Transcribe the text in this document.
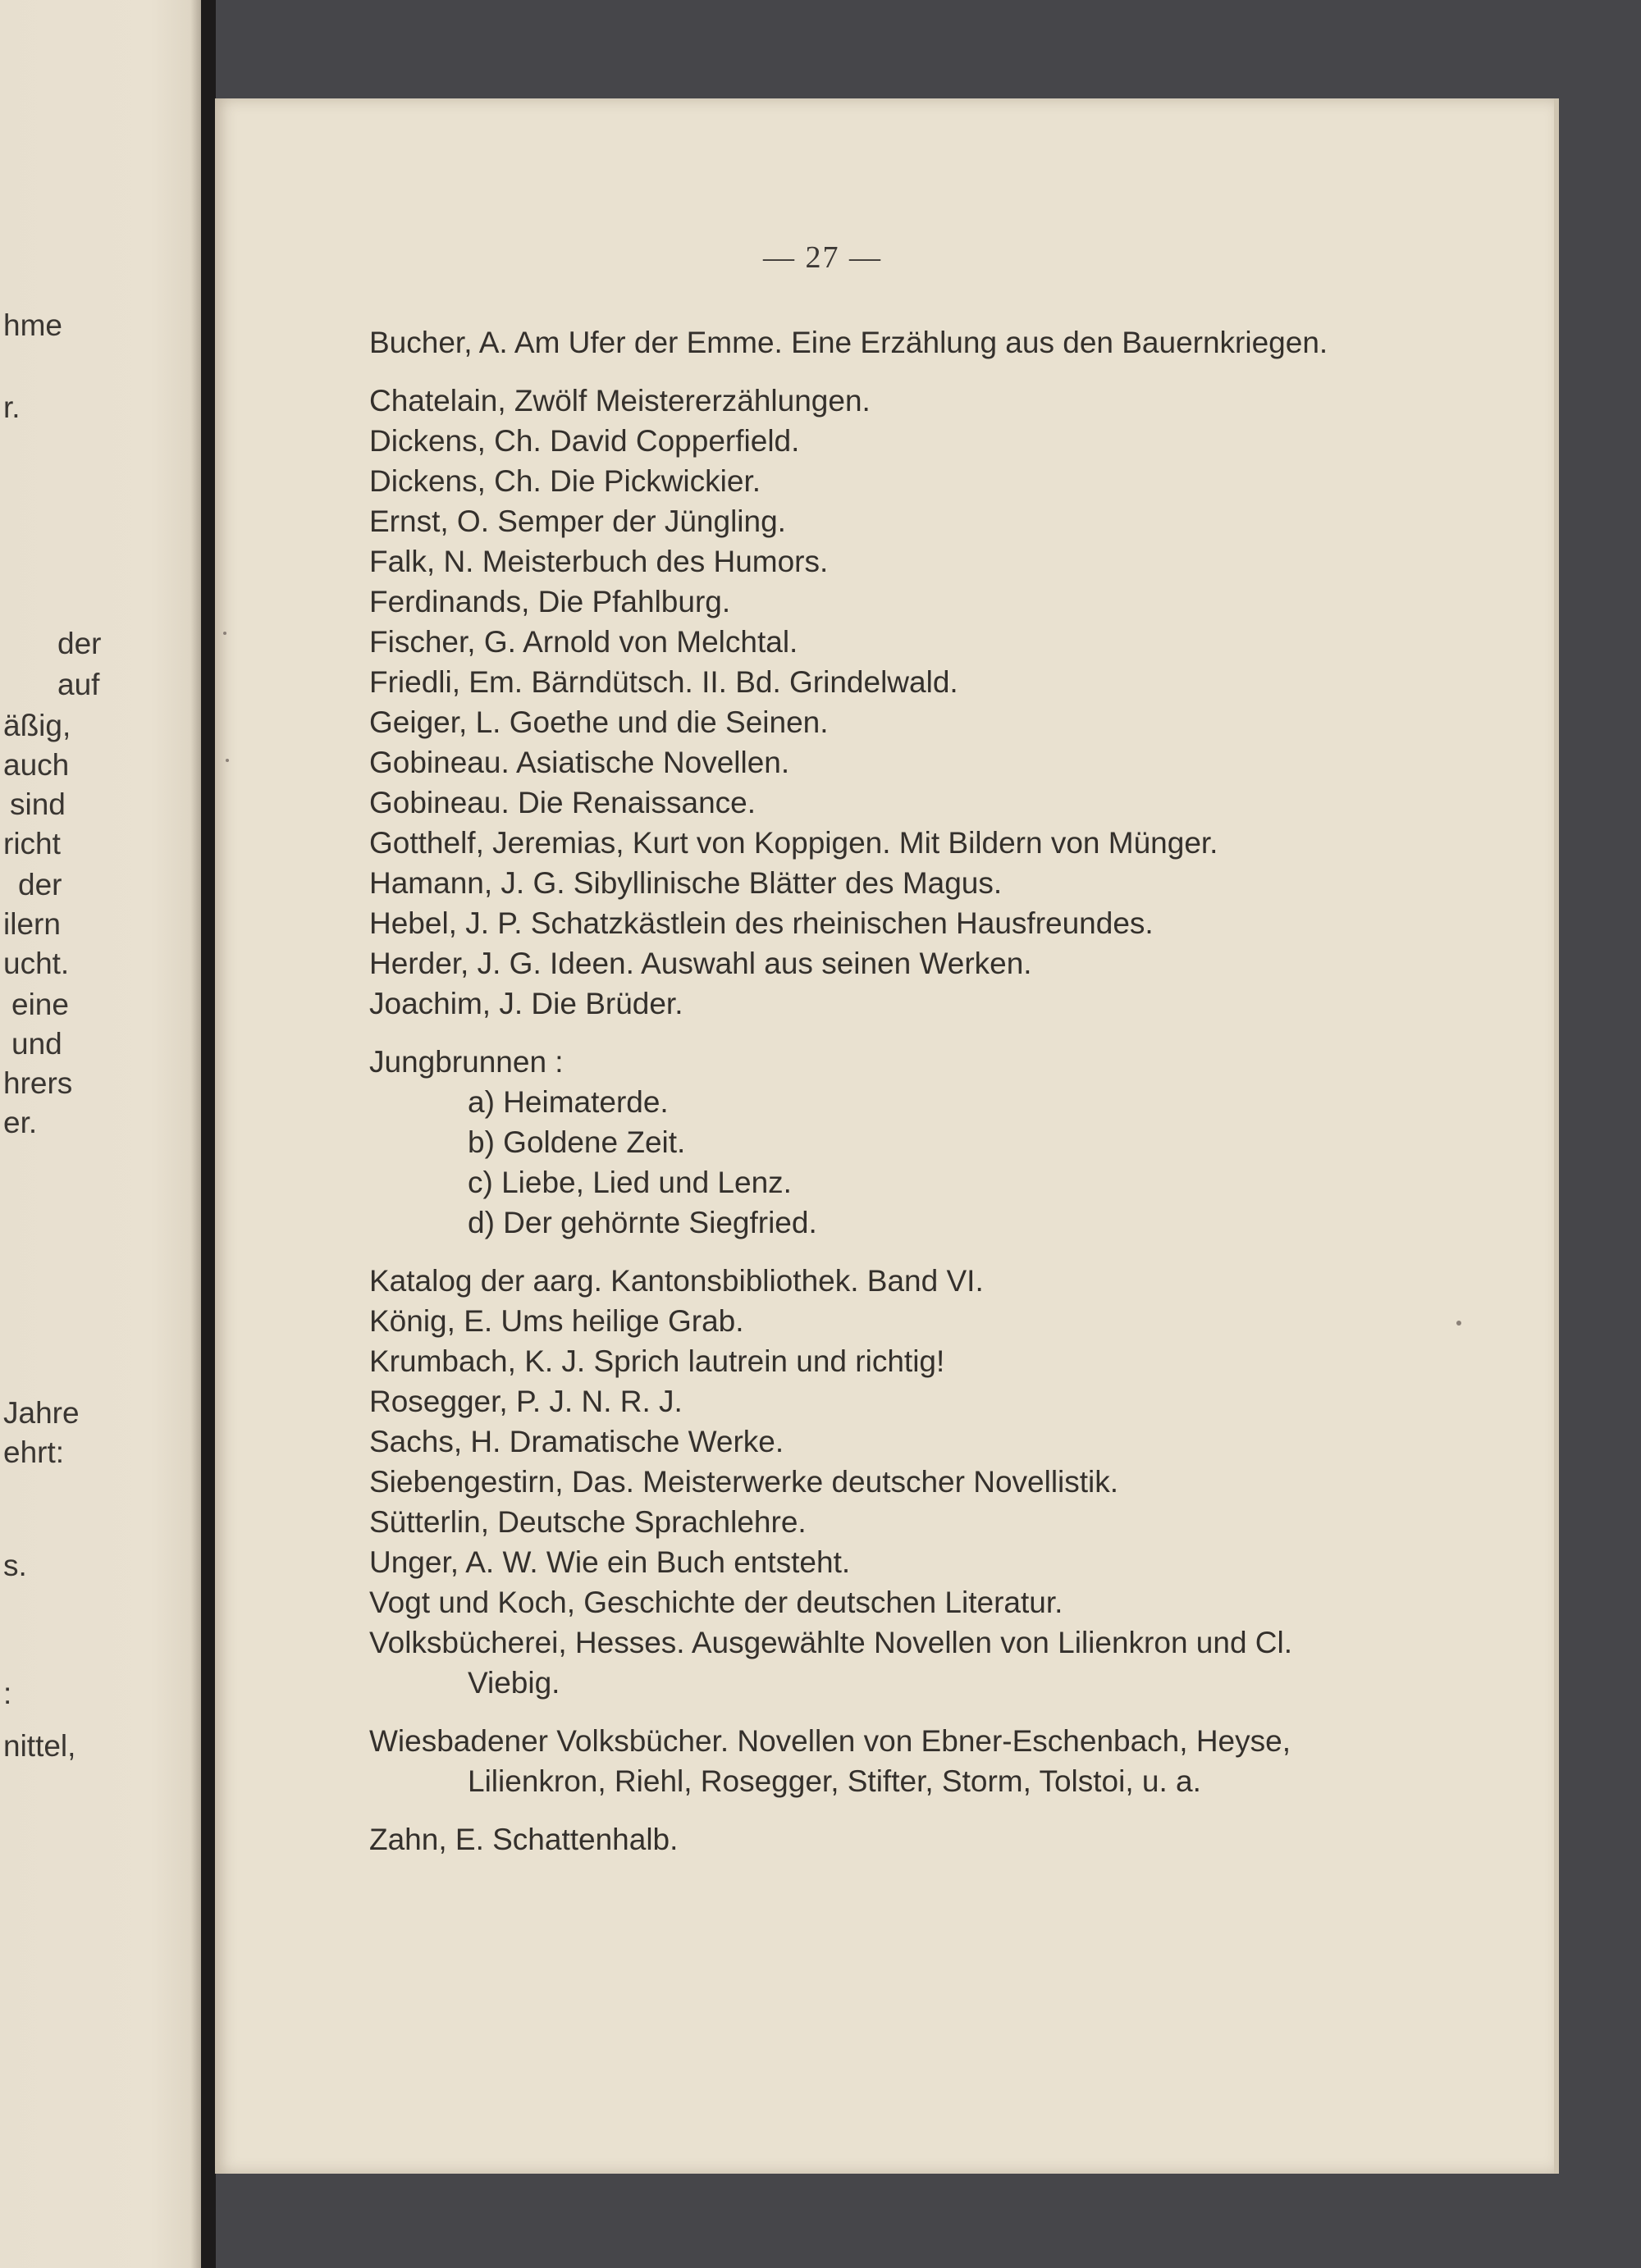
hme
r.
der
auf
äßig,
auch
sind
richt
der
ilern
ucht.
eine
und
hrers
er.
Jahre
ehrt:
s.
:
nittel,
— 27 —
Bucher, A. Am Ufer der Emme. Eine Erzählung aus den Bauernkriegen.
Chatelain, Zwölf Meistererzählungen.
Dickens, Ch. David Copperfield.
Dickens, Ch. Die Pickwickier.
Ernst, O. Semper der Jüngling.
Falk, N. Meisterbuch des Humors.
Ferdinands, Die Pfahlburg.
Fischer, G. Arnold von Melchtal.
Friedli, Em. Bärndütsch. II. Bd. Grindelwald.
Geiger, L. Goethe und die Seinen.
Gobineau. Asiatische Novellen.
Gobineau. Die Renaissance.
Gotthelf, Jeremias, Kurt von Koppigen. Mit Bildern von Münger.
Hamann, J. G. Sibyllinische Blätter des Magus.
Hebel, J. P. Schatzkästlein des rheinischen Hausfreundes.
Herder, J. G. Ideen. Auswahl aus seinen Werken.
Joachim, J. Die Brüder.
Jungbrunnen :
a) Heimaterde.
b) Goldene Zeit.
c) Liebe, Lied und Lenz.
d) Der gehörnte Siegfried.
Katalog der aarg. Kantonsbibliothek. Band VI.
König, E. Ums heilige Grab.
Krumbach, K. J. Sprich lautrein und richtig!
Rosegger, P. J. N. R. J.
Sachs, H. Dramatische Werke.
Siebengestirn, Das. Meisterwerke deutscher Novellistik.
Sütterlin, Deutsche Sprachlehre.
Unger, A. W. Wie ein Buch entsteht.
Vogt und Koch, Geschichte der deutschen Literatur.
Volksbücherei, Hesses. Ausgewählte Novellen von Lilienkron und Cl. Viebig.
Wiesbadener Volksbücher. Novellen von Ebner-Eschenbach, Heyse, Lilienkron, Riehl, Rosegger, Stifter, Storm, Tolstoi, u. a.
Zahn, E. Schattenhalb.
